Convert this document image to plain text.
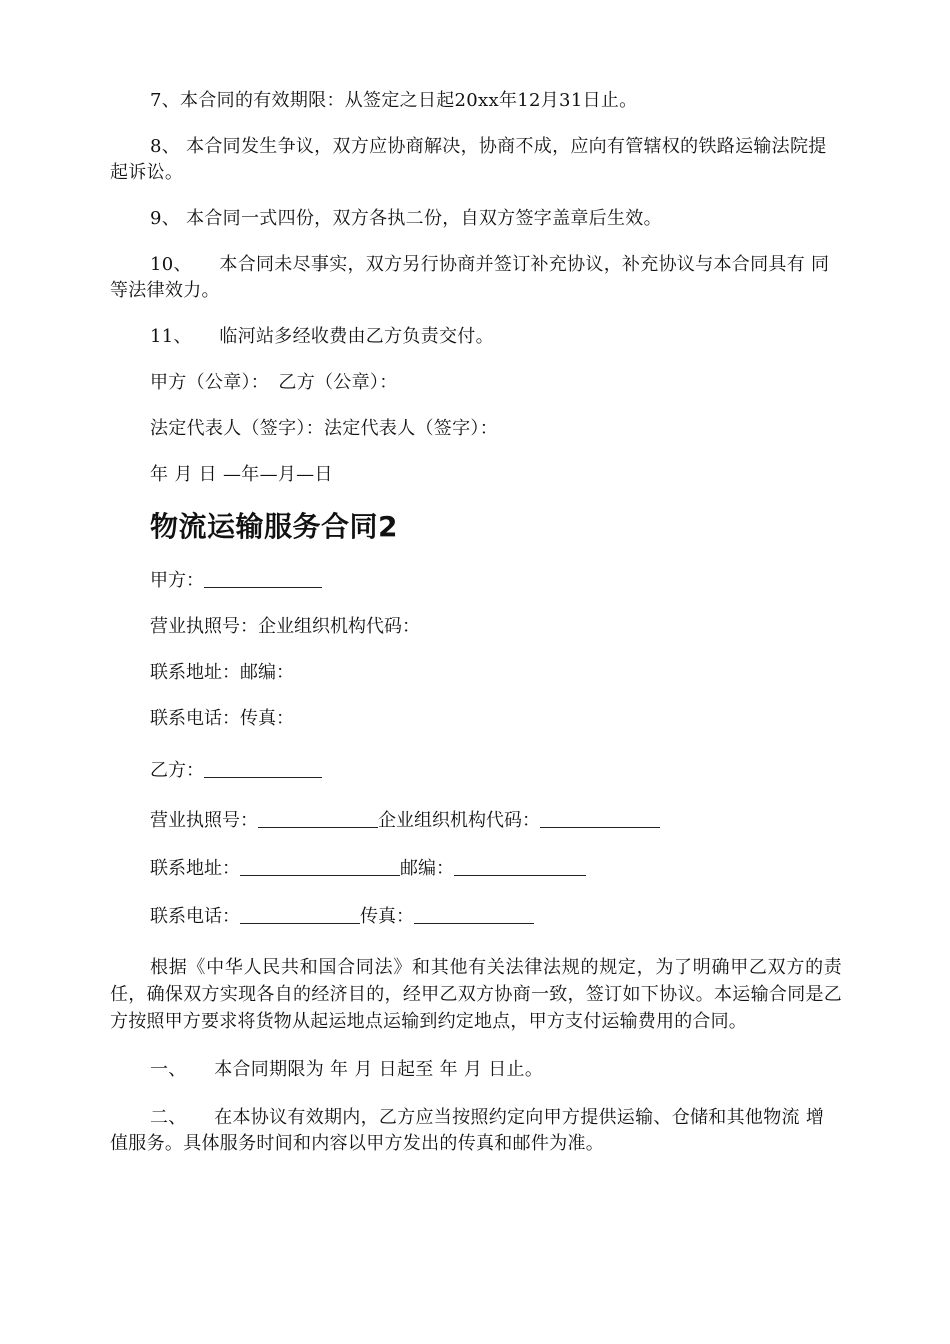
7、本合同的有效期限：从签定之日起20xx年12月31日止。

8、 本合同发生争议，双方应协商解决，协商不成，应向有管辖权的铁路运输法院提起诉讼。

9、 本合同一式四份，双方各执二份，自双方签字盖章后生效。

10、　　本合同未尽事实，双方另行协商并签订补充协议，补充协议与本合同具有 同等法律效力。

11、　　临河站多经收费由乙方负责交付。

甲方（公章）：　乙方（公章）：

法定代表人（签字）：法定代表人（签字）：

年 月 日 —年—月—日

物流运输服务合同2
甲方：
营业执照号：企业组织机构代码：
联系地址：邮编：
联系电话：传真：
乙方：
营业执照号：	企业组织机构代码：
联系地址：	邮编：
联系电话：	传真：

根据《中华人民共和国合同法》和其他有关法律法规的规定，为了明确甲乙双方的责任，确保双方实现各自的经济目的，经甲乙双方协商一致，签订如下协议。本运输合同是乙方按照甲方要求将货物从起运地点运输到约定地点，甲方支付运输费用的合同。

一、　　本合同期限为 年 月 日起至 年 月 日止。

二、　　在本协议有效期内，乙方应当按照约定向甲方提供运输、仓储和其他物流 增值服务。具体服务时间和内容以甲方发出的传真和邮件为准。
